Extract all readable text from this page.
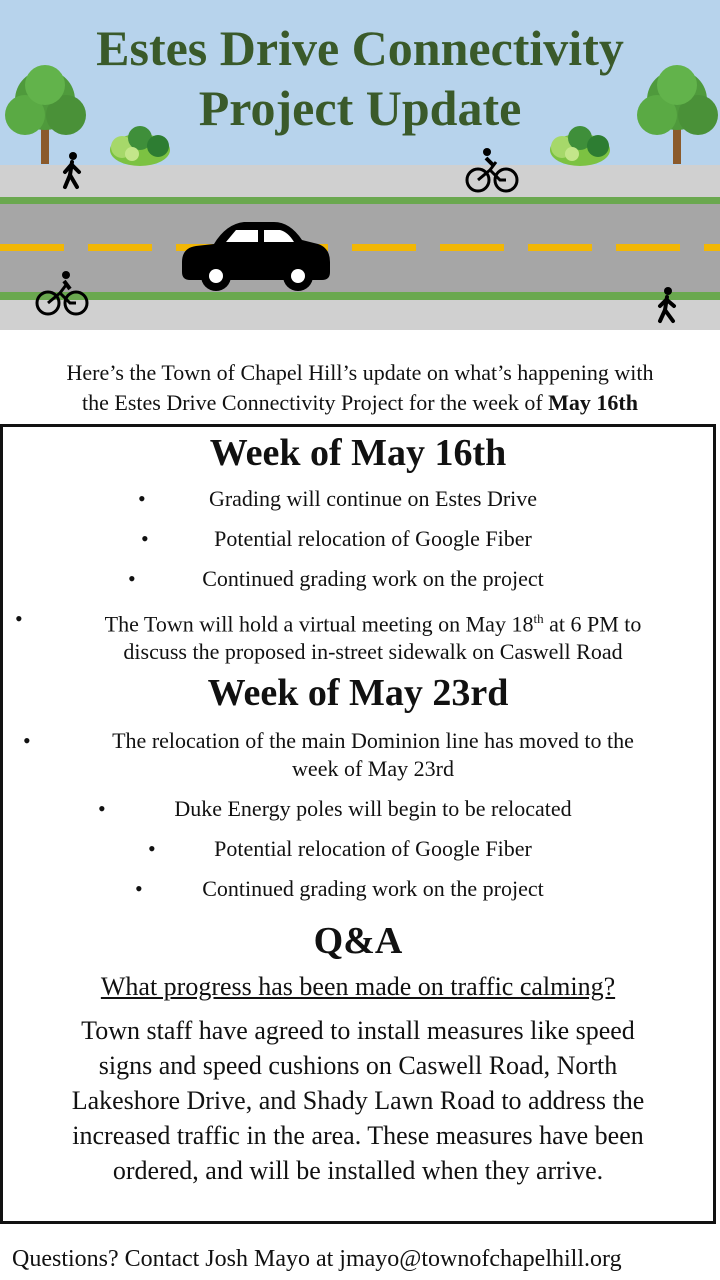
Estes Drive Connectivity
Project Update
Here’s the Town of Chapel Hill’s update on what’s happening with
the Estes Drive Connectivity Project for the week of May 16th
Week of May 16th
•	Grading will continue on Estes Drive
•	Potential relocation of Google Fiber
•	Continued grading work on the project
•	The Town will hold a virtual meeting on May 18th at 6 PM to
discuss the proposed in-street sidewalk on Caswell Road
Week of May 23rd
•	The relocation of the main Dominion line has moved to the
week of May 23rd
•	Duke Energy poles will begin to be relocated
•	Potential relocation of Google Fiber
•	Continued grading work on the project
Q&A
What progress has been made on traffic calming?
Town staff have agreed to install measures like speed
signs and speed cushions on Caswell Road, North
Lakeshore Drive, and Shady Lawn Road to address the
increased traffic in the area. These measures have been
ordered, and will be installed when they arrive.
Questions? Contact Josh Mayo at jmayo@townofchapelhill.org
